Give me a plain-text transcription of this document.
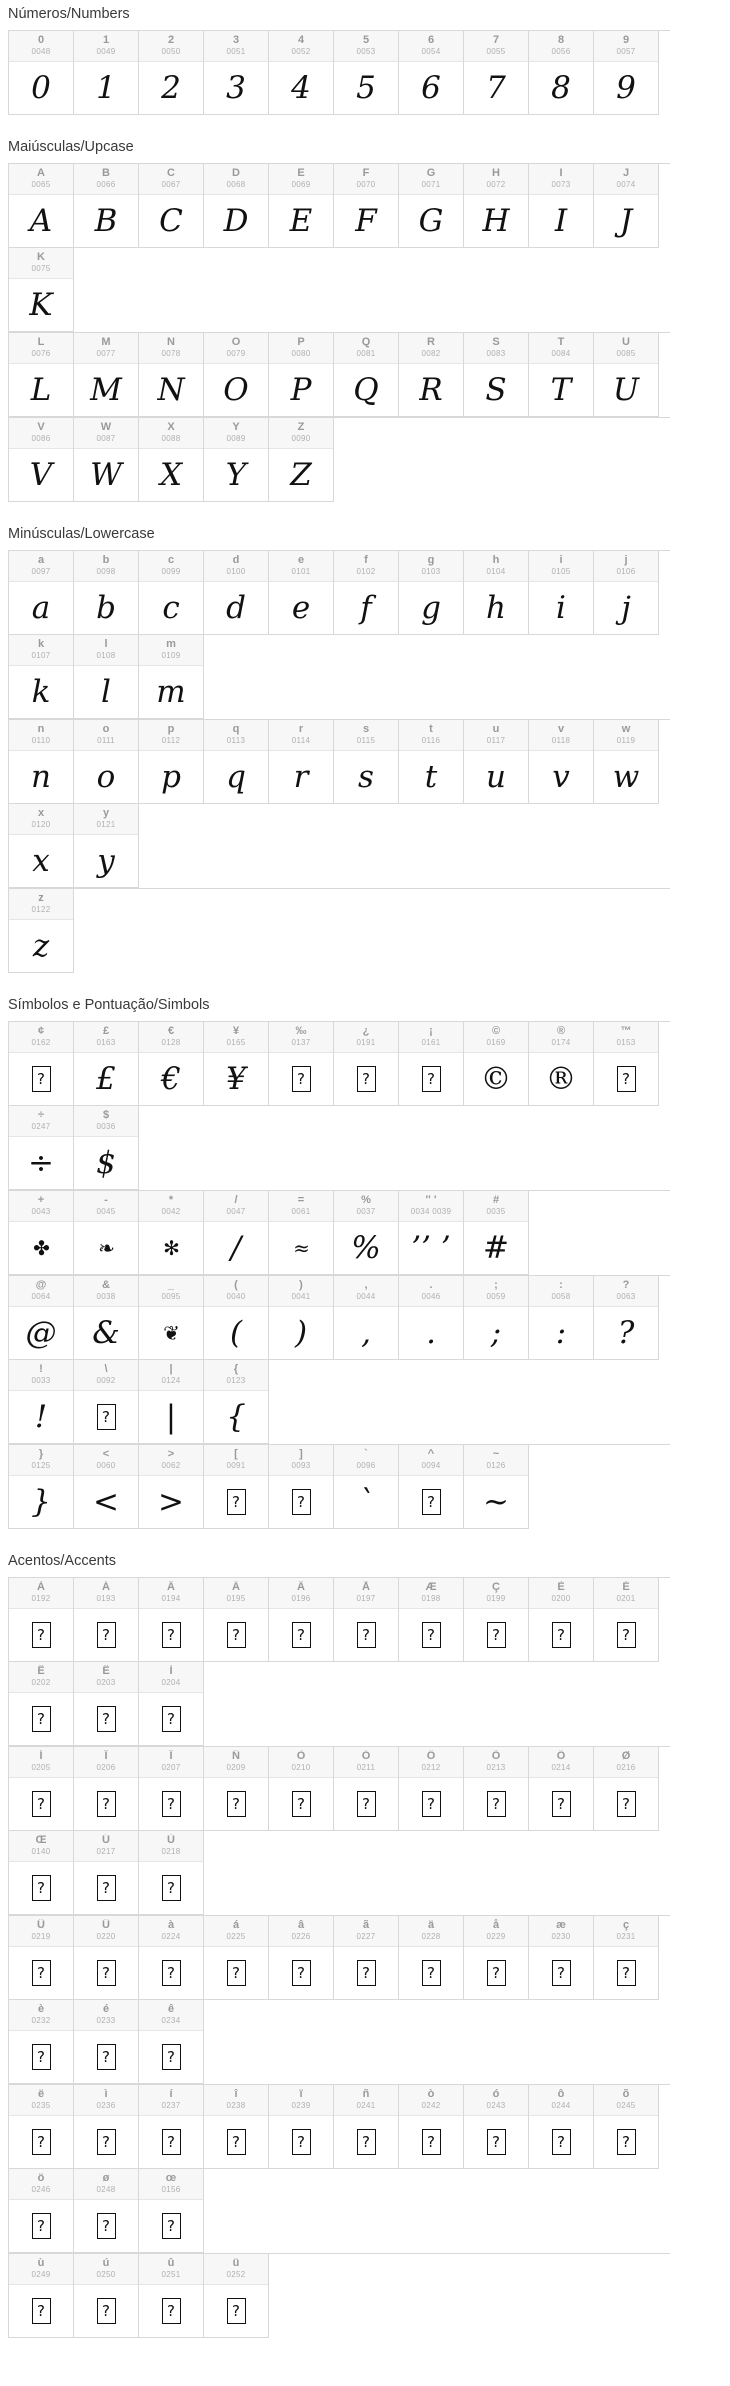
Números/Numbers
0
0048
0
1
0049
1
2
0050
2
3
0051
3
4
0052
4
5
0053
5
6
0054
6
7
0055
7
8
0056
8
9
0057
9
Maiúsculas/Upcase
A
0065
A
B
0066
B
C
0067
C
D
0068
D
E
0069
E
F
0070
F
G
0071
G
H
0072
H
I
0073
I
J
0074
J
K
0075
K
L
0076
L
M
0077
M
N
0078
N
O
0079
O
P
0080
P
Q
0081
Q
R
0082
R
S
0083
S
T
0084
T
U
0085
U
V
0086
V
W
0087
W
X
0088
X
Y
0089
Y
Z
0090
Z
Minúsculas/Lowercase
a
0097
a
b
0098
b
c
0099
c
d
0100
d
e
0101
e
f
0102
f
g
0103
g
h
0104
h
i
0105
i
j
0106
j
k
0107
k
l
0108
l
m
0109
m
n
0110
n
o
0111
o
p
0112
p
q
0113
q
r
0114
r
s
0115
s
t
0116
t
u
0117
u
v
0118
v
w
0119
w
x
0120
x
y
0121
y
z
0122
z
Símbolos e Pontuação/Simbols
¢
0162
?
£
0163
£
€
0128
€
¥
0165
¥
‰
0137
?
¿
0191
?
¡
0161
?
©
0169
©
®
0174
®
™
0153
?
÷
0247
÷
$
0036
$
+
0043
✤
-
0045
❧
*
0042
✻
/
0047
/
=
0061
≈
%
0037
%
'' '
0034 0039
’’ ’
#
0035
#
@
0064
@
&
0038
&
_
0095
❦
(
0040
(
)
0041
)
,
0044
,
.
0046
.
;
0059
;
:
0058
:
?
0063
?
!
0033
!
\
0092
?
|
0124
|
{
0123
{
}
0125
}
<
0060
<
>
0062
>
[
0091
?
]
0093
?
`
0096
`
^
0094
?
~
0126
~
Acentos/Accents
À
0192
?
Á
0193
?
Â
0194
?
Ã
0195
?
Ä
0196
?
Å
0197
?
Æ
0198
?
Ç
0199
?
È
0200
?
É
0201
?
Ê
0202
?
Ë
0203
?
Ì
0204
?
Í
0205
?
Î
0206
?
Ï
0207
?
Ñ
0209
?
Ò
0210
?
Ó
0211
?
Ô
0212
?
Õ
0213
?
Ö
0214
?
Ø
0216
?
Œ
0140
?
Ú
0217
?
Ù
0218
?
Û
0219
?
Ü
0220
?
à
0224
?
á
0225
?
â
0226
?
ã
0227
?
ä
0228
?
å
0229
?
æ
0230
?
ç
0231
?
è
0232
?
é
0233
?
ê
0234
?
ë
0235
?
ì
0236
?
í
0237
?
î
0238
?
ï
0239
?
ñ
0241
?
ò
0242
?
ó
0243
?
ô
0244
?
õ
0245
?
ö
0246
?
ø
0248
?
œ
0156
?
ù
0249
?
ú
0250
?
û
0251
?
ü
0252
?
